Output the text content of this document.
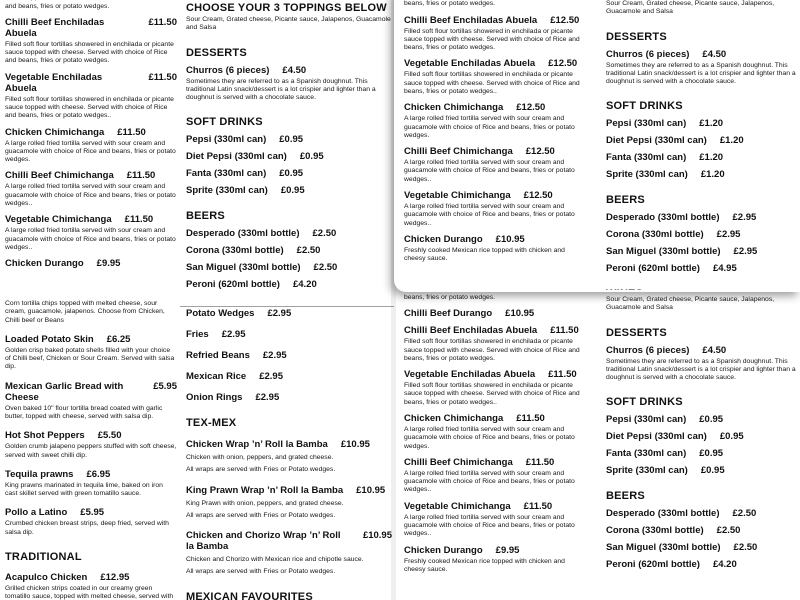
beans, fries or potato wedges.
Chilli Beef Durango £10.95
Chilli Beef Enchiladas Abuela £11.50
Filled soft flour tortillas showered in enchilada or picante sauce topped with cheese. Served with choice of Rice and beans, fries or potato wedges.
Vegetable Enchiladas Abuela £11.50
Filled soft flour tortillas showered in enchilada or picante sauce topped with cheese. Served with choice of Rice and beans, fries or potato wedges..
Chicken Chimichanga £11.50
A large rolled fried tortilla served with sour cream and guacamole with choice of Rice and beans, fries or potato wedges.
Chilli Beef Chimichanga £11.50
A large rolled fried tortilla served with sour cream and guacamole with choice of Rice and beans, fries or potato wedges..
Vegetable Chimichanga £11.50
A large rolled fried tortilla served with sour cream and guacamole with choice of Rice and beans, fries or potato wedges..
Chicken Durango £9.95
Freshly cooked Mexican rice topped with chicken and cheesy sauce.
Sour Cream, Grated cheese, Picante sauce, Jalapenos, Guacamole and Salsa
DESSERTS
Churros (6 pieces) £4.50
Sometimes they are referred to as a Spanish doughnut. This traditional Latin snack/dessert is a lot crispier and lighter than a doughnut is served with a chocolate sauce.
SOFT DRINKS
Pepsi (330ml can) £0.95
Diet Pepsi (330ml can) £0.95
Fanta (330ml can) £0.95
Sprite (330ml can) £0.95
BEERS
Desperado (330ml bottle) £2.50
Corona (330ml bottle) £2.50
San Miguel (330ml bottle) £2.50
Peroni (620ml bottle) £4.20
and beans, fries or potato wedges.
Chilli Beef Enchiladas Abuela
£11.50
Filled soft flour tortillas showered in enchilada or picante sauce topped with cheese. Served with choice of Rice and beans, fries or potato wedges.
Vegetable Enchiladas Abuela
£11.50
Filled soft flour tortillas showered in enchilada or picante sauce topped with cheese. Served with choice of Rice and beans, fries or potato wedges..
Chicken Chimichanga £11.50
A large rolled fried tortilla served with sour cream and guacamole with choice of Rice and beans, fries or potato wedges.
Chilli Beef Chimichanga £11.50
A large rolled fried tortilla served with sour cream and guacamole with choice of Rice and beans, fries or potato wedges..
Vegetable Chimichanga £11.50
A large rolled fried tortilla served with sour cream and guacamole with choice of Rice and beans, fries or potato wedges..
Chicken Durango £9.95
Corn tortilla chips topped with melted cheese, sour cream, guacamole, jalapenos. Choose from Chicken, Chilli beef or Beans
Loaded Potato Skin £6.25
Golden crisp baked potato shells filled with your choice of Chilli beef, Chicken or Sour Cream. Served with salsa dip.
Mexican Garlic Bread with Cheese
£5.95
Oven baked 10" flour tortilla bread coated with garlic butter, topped with cheese, served with salsa dip.
Hot Shot Peppers £5.50
Golden crumb jalapeno peppers stuffed with soft cheese, served with sweet chilli dip.
Tequila prawns £6.95
King prawns marinated in tequila lime, baked on iron cast skillet served with green tomatillo sauce.
Pollo a Latino £5.95
Crumbed chicken breast strips, deep fried, served with salsa dip.
TRADITIONAL
Acapulco Chicken £12.95
Grilled chicken strips coated in our creamy green tomatillo sauce, topped with melted cheese, served with
CHOOSE YOUR 3 TOPPINGS BELOW
Sour Cream, Grated cheese, Picante sauce, Jalapenos, Guacamole and Salsa
DESSERTS
Churros (6 pieces) £4.50
Sometimes they are referred to as a Spanish doughnut. This traditional Latin snack/dessert is a lot crispier and lighter than a doughnut is served with a chocolate sauce.
SOFT DRINKS
Pepsi (330ml can) £0.95
Diet Pepsi (330ml can) £0.95
Fanta (330ml can) £0.95
Sprite (330ml can) £0.95
BEERS
Desperado (330ml bottle) £2.50
Corona (330ml bottle) £2.50
San Miguel (330ml bottle) £2.50
Peroni (620ml bottle) £4.20
Potato Wedges £2.95
Fries £2.95
Refried Beans £2.95
Mexican Rice £2.95
Onion Rings £2.95
TEX-MEX
Chicken Wrap ’n’ Roll la Bamba £10.95
Chicken with onion, peppers, and grated cheese.
All wraps are served with Fries or Potato wedges.
King Prawn Wrap ’n’ Roll la Bamba £10.95
King Prawn with onion, peppers, and grated cheese.
All wraps are served with Fries or Potato wedges.
Chicken and Chorizo Wrap ’n’ Roll la Bamba
£10.95
Chicken and Chorizo with Mexican rice and chipotle sauce.
All wraps are served with Fries or Potato wedges.
MEXICAN FAVOURITES
beans, fries or potato wedges.
Chilli Beef Enchiladas Abuela £12.50
Filled soft flour tortillas showered in enchilada or picante sauce topped with cheese. Served with choice of Rice and beans, fries or potato wedges.
Vegetable Enchiladas Abuela £12.50
Filled soft flour tortillas showered in enchilada or picante sauce topped with cheese. Served with choice of Rice and beans, fries or potato wedges..
Chicken Chimichanga £12.50
A large rolled fried tortilla served with sour cream and guacamole with choice of Rice and beans, fries or potato wedges.
Chilli Beef Chimichanga £12.50
A large rolled fried tortilla served with sour cream and guacamole with choice of Rice and beans, fries or potato wedges..
Vegetable Chimichanga £12.50
A large rolled fried tortilla served with sour cream and guacamole with choice of Rice and beans, fries or potato wedges..
Chicken Durango £10.95
Freshly cooked Mexican rice topped with chicken and cheesy sauce.
Sour Cream, Grated cheese, Picante sauce, Jalapenos, Guacamole and Salsa
DESSERTS
Churros (6 pieces) £4.50
Sometimes they are referred to as a Spanish doughnut. This traditional Latin snack/dessert is a lot crispier and lighter than a doughnut is served with a chocolate sauce.
SOFT DRINKS
Pepsi (330ml can) £1.20
Diet Pepsi (330ml can) £1.20
Fanta (330ml can) £1.20
Sprite (330ml can) £1.20
BEERS
Desperado (330ml bottle) £2.95
Corona (330ml bottle) £2.95
San Miguel (330ml bottle) £2.95
Peroni (620ml bottle) £4.95
